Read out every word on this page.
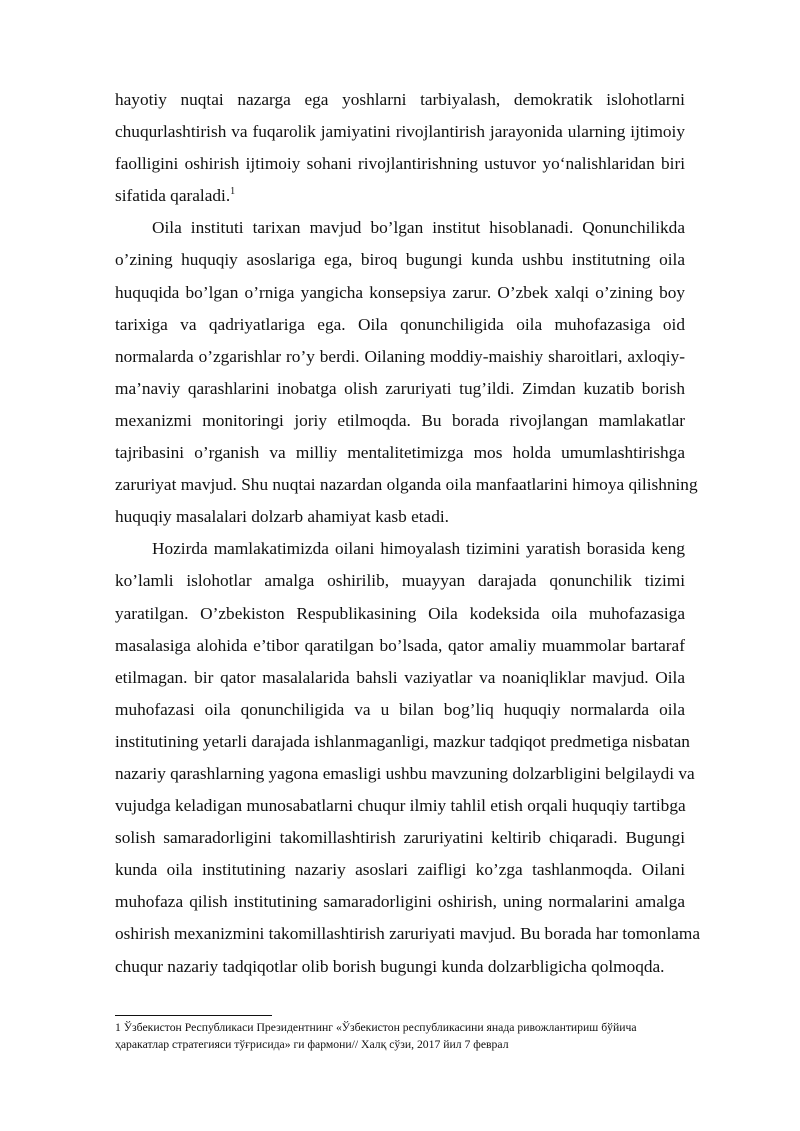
hayotiy nuqtai nazarga ega yoshlarni tarbiyalash, demokratik islohotlarni
chuqurlashtirish va fuqarolik jamiyatini rivojlantirish jarayonida ularning ijtimoiy
faolligini oshirish ijtimoiy sohani rivojlantirishning ustuvor yo‘nalishlaridan biri
sifatida qaraladi.$^1$
Oila instituti tarixan mavjud bo’lgan institut hisoblanadi. Qonunchilikda
o’zining huquqiy asoslariga ega, biroq bugungi kunda ushbu institutning oila
huquqida bo’lgan o’rniga yangicha konsepsiya zarur. O’zbek xalqi o’zining boy
tarixiga va qadriyatlariga ega. Oila qonunchiligida oila muhofazasiga oid
normalarda o’zgarishlar ro’y berdi. Oilaning moddiy-maishiy sharoitlari, axloqiy-
ma’naviy qarashlarini inobatga olish zaruriyati tug’ildi. Zimdan kuzatib borish
mexanizmi monitoringi joriy etilmoqda. Bu borada rivojlangan mamlakatlar
tajribasini o’rganish va milliy mentalitetimizga mos holda umumlashtirishga
zaruriyat mavjud. Shu nuqtai nazardan olganda oila manfaatlarini himoya qilishning
huquqiy masalalari dolzarb ahamiyat kasb etadi.
Hozirda mamlakatimizda oilani himoyalash tizimini yaratish borasida keng
ko’lamli islohotlar amalga oshirilib, muayyan darajada qonunchilik tizimi
yaratilgan. O’zbekiston Respublikasining Oila kodeksida oila muhofazasiga
masalasiga alohida e’tibor qaratilgan bo’lsada, qator amaliy muammolar bartaraf
etilmagan. bir qator masalalarida bahsli vaziyatlar va noaniqliklar mavjud. Oila
muhofazasi oila qonunchiligida va u bilan bog’liq huquqiy normalarda oila
institutining yetarli darajada ishlanmaganligi, mazkur tadqiqot predmetiga nisbatan
nazariy qarashlarning yagona emasligi ushbu mavzuning dolzarbligini belgilaydi va
vujudga keladigan munosabatlarni chuqur ilmiy tahlil etish orqali huquqiy tartibga
solish samaradorligini takomillashtirish zaruriyatini keltirib chiqaradi. Bugungi
kunda oila institutining nazariy asoslari zaifligi ko’zga tashlanmoqda. Oilani
muhofaza qilish institutining samaradorligini oshirish, uning normalarini amalga
oshirish mexanizmini takomillashtirish zaruriyati mavjud. Bu borada har tomonlama
chuqur nazariy tadqiqotlar olib borish bugungi kunda dolzarbligicha qolmoqda.
1 Ўзбекистон Республикаси Президентнинг «Ўзбекистон республикасини янада ривожлантириш бўйича
ҳаракатлар стратегияси тўғрисида» ги фармони// Халқ сўзи, 2017 йил 7 феврал
